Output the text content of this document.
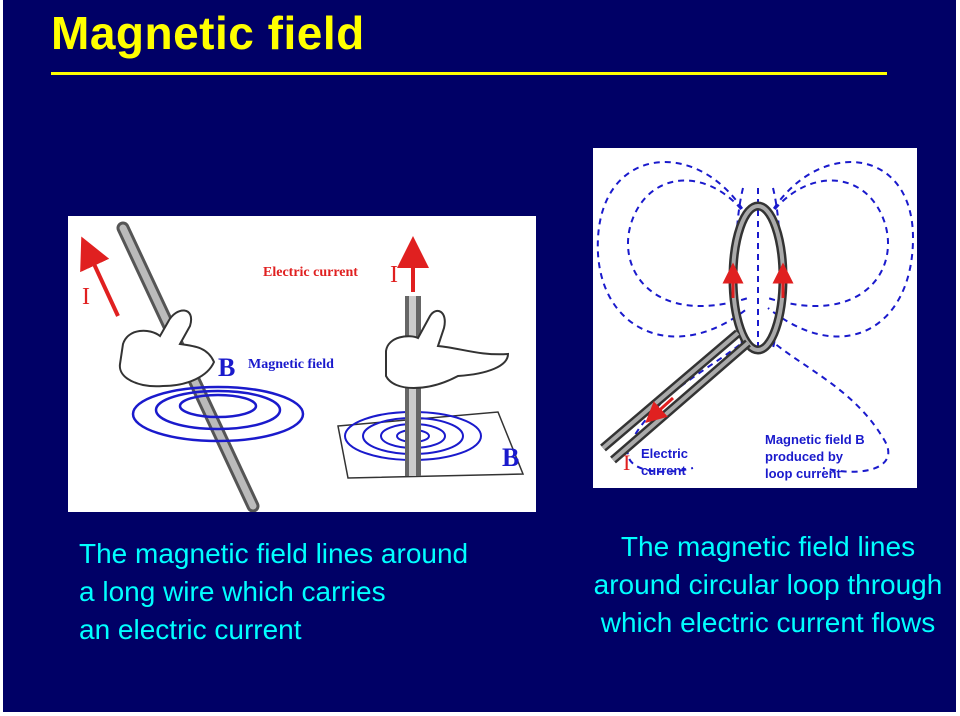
Magnetic field
I
B Magnetic field
Electric current I
B	I Electric
current
Magnetic field B
produced by
loop current
The magnetic field lines around
a long wire which carries
an electric current
The magnetic field lines
around circular loop through
which electric current flows
